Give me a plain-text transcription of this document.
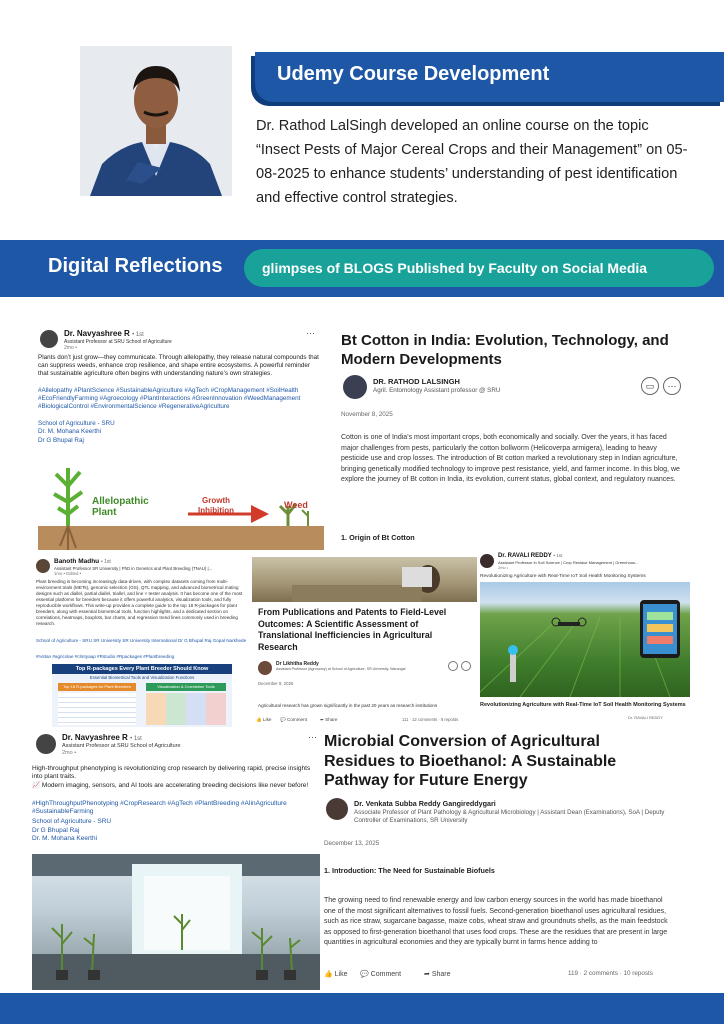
Udemy Course Development
Dr. Rathod LalSingh developed an online course on the topic “Insect Pests of Major Cereal Crops and their Management” on 05-08-2025 to enhance students’ understanding of pest identification and effective control strategies.
Digital Reflections	glimpses of BLOGS Published by Faculty on Social Media
Dr. Navyashree R • 1st
Assistant Professor at SRU School of Agriculture
2mo •
⋯
Plants don’t just grow—they communicate. Through allelopathy, they release natural compounds that can suppress weeds, enhance crop resilience, and shape entire ecosystems. A powerful reminder that sustainable agriculture often begins with understanding nature’s own strategies.
#Allelopathy #PlantScience #SustainableAgriculture #AgTech #CropManagement #SoilHealth #EcoFriendlyFarming #Agroecology #PlantInteractions #GreenInnovation #WeedManagement #BiologicalControl #EnvironmentalScience #RegenerativeAgriculture
School of Agriculture - SRU
Dr. M. Mohana Keerthi
Dr G Bhupal Raj
Allelopathic Plant
Growth Inhibition
Weed
Bt Cotton in India: Evolution, Technology, and Modern Developments
DR. RATHOD LALSINGH
Agril. Entomology Assistant professor @ SRU	▭	⋯
November 8, 2025
Cotton is one of India’s most important crops, both economically and socially. Over the years, it has faced major challenges from pests, particularly the cotton bollworm (Helicoverpa armigera), leading to heavy pesticide use and crop losses. The introduction of Bt cotton marked a revolutionary step in Indian agriculture, bringing genetically modified technology to improve pest resistance, yield, and farmer income. In this blog, we explore the journey of Bt cotton in India, its evolution, current status, global context, and regulatory nuances.
1. Origin of Bt Cotton
Banoth Madhu • 1st
Assistant Professor SR University | PhD in Genetics and Plant Breeding (TNAU) |...
1mo • Edited •
Plant breeding is becoming increasingly data-driven, with complex datasets coming from multi-environment trials (METs), genomic selection (GS), QTL mapping, and advanced biometrical mating designs such as diallel, partial diallel, triallel, and line × tester analysis. It has become one of the most essential platforms for breeders because it offers powerful analytics, visualization tools, and fully reproducible workflows. This write-up provides a complete guide to the top 18 R-packages for plant breeders, along with essential biometrical tools, function highlights, and a dedicated section on correlations, heatmaps, boxplots, bar charts, and regression trend lines commonly used in breeding research.
School of Agriculture - SRU SR University SR University International Dr G Bhupal Raj Gopal Narkhede
#rvstan #agricolae #clmtyaap #Rstudio #Rpackages #Plantbreeding
Top R-packages Every Plant Breeder Should Know
Essential Biometrical Tools and Visualization Functions
Top 18 R-packages for Plant Breeders	Visualization & Correlation Tools
From Publications and Patents to Field-Level Outcomes: A Scientific Assessment of Translational Inefficiencies in Agricultural Research
Dr Likhitha Reddy
Assistant Professor (Agronomy) at School of Agriculture, SR University, Warangal
December 8, 2025
Agricultural research has grown significantly in the past 20 years as research institutions
👍 Like 💬 Comment	➦ Share	111 · 12 comments · 8 reposts
Dr. RAVALI REDDY • 1st
Assistant Professor in Soil Science | Crop Residue Management | Greenhous...
2mo •
Revolutionizing Agriculture with Real-Time IoT Soil Health Monitoring Systems
Revolutionizing Agriculture with Real-Time IoT Soil Health Monitoring Systems
Dr. RAVALI REDDY
Dr. Navyashree R • 1st
Assistant Professor at SRU School of Agriculture
2mo •
⋯
High-throughput phenotyping is revolutionizing crop research by delivering rapid, precise insights into plant traits.
📈 Modern imaging, sensors, and AI tools are accelerating breeding decisions like never before!
#HighThroughputPhenotyping #CropResearch #AgTech #PlantBreeding #AIinAgriculture #SustainableFarming
School of Agriculture - SRU
Dr G Bhupal Raj
Dr. M. Mohana Keerthi
Microbial Conversion of Agricultural Residues to Bioethanol: A Sustainable Pathway for Future Energy
Dr. Venkata Subba Reddy Gangireddygari
Associate Professor of Plant Pathology & Agricultural Microbiology | Assistant Dean (Examinations), SoA | Deputy Controller of Examinations, SR University
December 13, 2025
1. Introduction: The Need for Sustainable Biofuels
The growing need to find renewable energy and low carbon energy sources in the world has made bioethanol one of the most significant alternatives to fossil fuels. Second-generation bioethanol uses agricultural residues, such as rice straw, sugarcane bagasse, maize cobs, wheat straw and groundnuts shells, as the main feedstock as opposed to first-generation bioethanol that uses food crops. These are the residues that are present in large quantities in agricultural economies and they are typically burnt in farms hence adding to
👍 Like 💬 Comment	➦ Share	119 · 2 comments · 10 reposts
